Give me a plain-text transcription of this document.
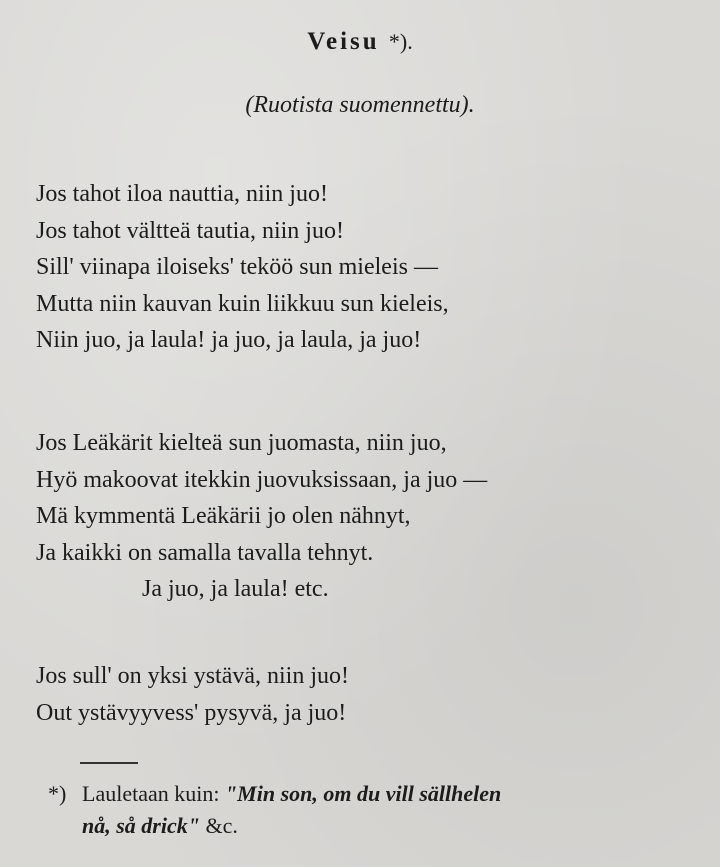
Veisu *).
(Ruotista suomennettu).
Jos tahot iloa nauttia, niin juo!
Jos tahot vältteä tautia, niin juo!
Sill' viinapa iloiseks' teköö sun mieleis —
Mutta niin kauvan kuin liikkuu sun kieleis,
Niin juo, ja laula! ja juo, ja laula, ja juo!
Jos Leäkärit kielteä sun juomasta, niin juo,
Hyö makoovat itekkin juovuksissaan, ja juo —
Mä kymmentä Leäkärii jo olen nähnyt,
Ja kaikki on samalla tavalla tehnyt.
Ja juo, ja laula! etc.
Jos sull' on yksi ystävä, niin juo!
Out ystävyyvess' pysyvä, ja juo!
*) Lauletaan kuin: "Min son, om du vill sällhelen
nå, så drick" &c.
